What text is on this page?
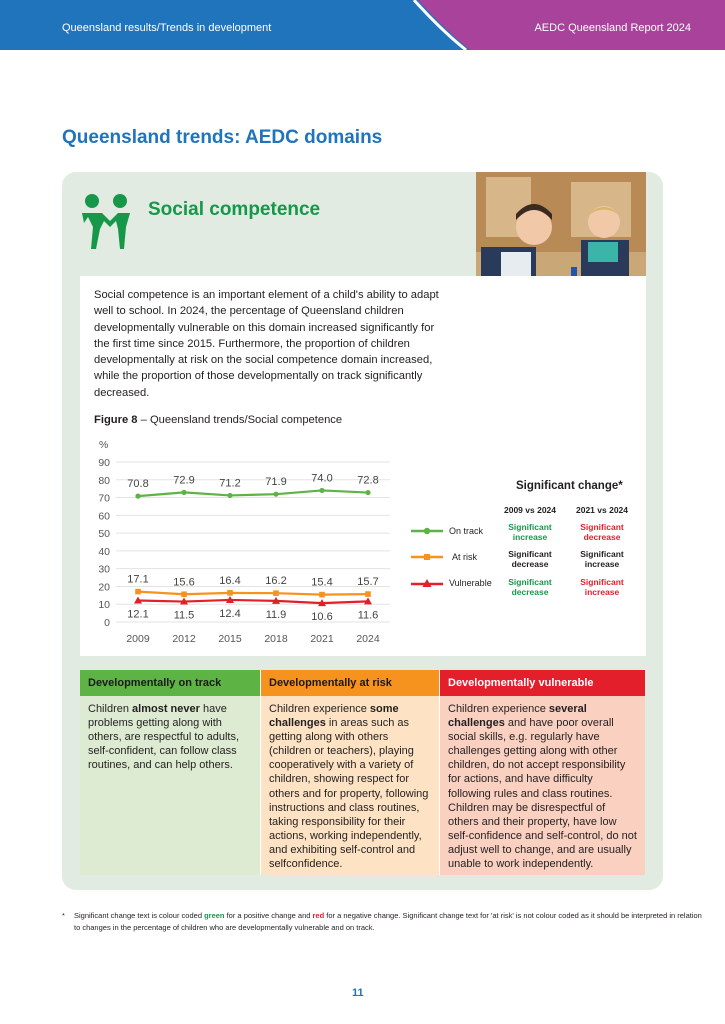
Queensland results/Trends in development	AEDC Queensland Report 2024
Queensland trends: AEDC domains
Social competence

Social competence is an important element of a child's ability to adapt well to school. In 2024, the percentage of Queensland children developmentally vulnerable on this domain increased significantly for the first time since 2015. Furthermore, the proportion of children developmentally at risk on the social competence domain increased, while the proportion of those developmentally on track significantly decreased.

Figure 8 – Queensland trends/Social competence
%
0
10
20
30
40
50
60
70
80
90
2009 2012 2015 2018 2021 2024
70.8 72.9 71.2 71.9 74.0 72.8
17.1 15.6 16.4 16.2 15.4 15.7
12.1 11.5 12.4 11.9 10.6 11.6
Significant change*
2009 vs 2024	2021 vs 2024
On track
At risk
Vulnerable
Significant
increase
Significant
decrease
Significant
decrease
Significant
increase
Significant
decrease
Significant
increase
Developmentally on track
Children almost never have problems getting along with others, are respectful to adults, self-confident, can follow class routines, and can help others.
Developmentally at risk
Children experience some challenges in areas such as getting along with others (children or teachers), playing cooperatively with a variety of children, showing respect for others and for property, following instructions and class routines, taking responsibility for their actions, working independently, and exhibiting self-control and selfconfidence.
Developmentally vulnerable
Children experience several challenges and have poor overall social skills, e.g. regularly have challenges getting along with other children, do not accept responsibility for actions, and have difficulty following rules and class routines. Children may be disrespectful of others and their property, have low self-confidence and self-control, do not adjust well to change, and are usually unable to work independently.
* Significant change text is colour coded green for a positive change and red for a negative change. Significant change text for 'at risk' is not colour coded as it should be interpreted in relation to changes in the percentage of children who are developmentally vulnerable and on track.
11
